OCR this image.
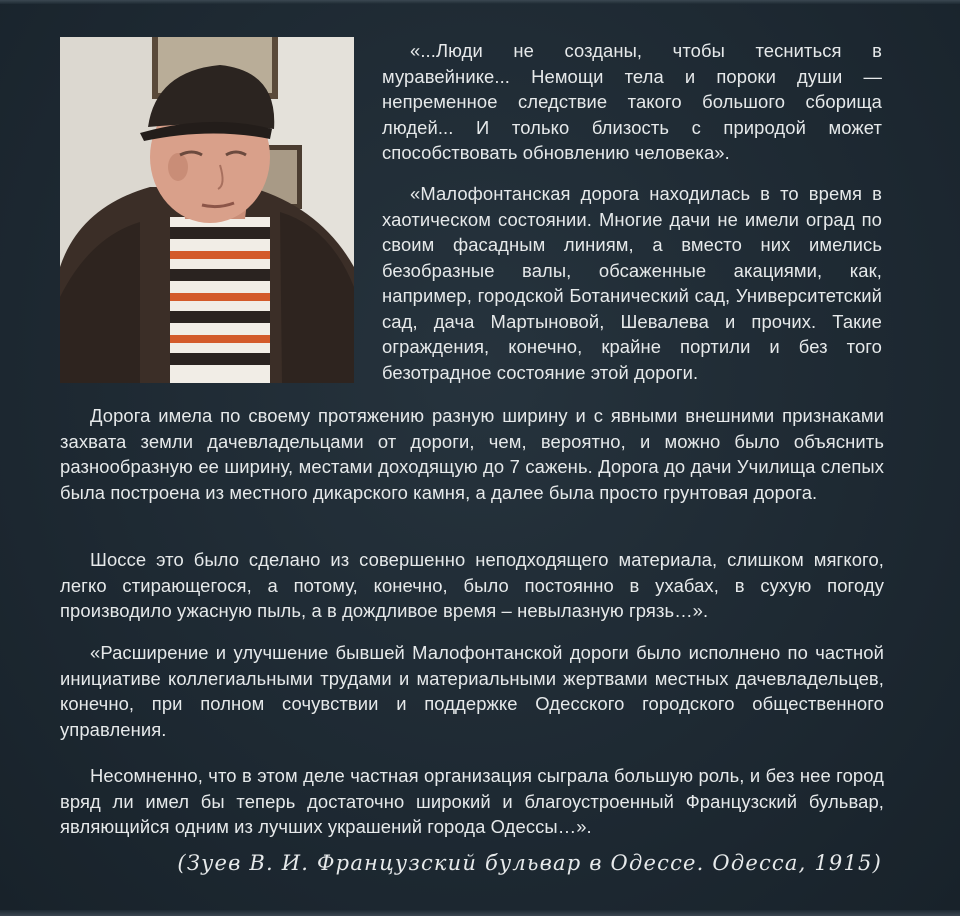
«...Люди не созданы, чтобы тесниться в муравейнике... Немощи тела и пороки души — непременное следствие такого большого сборища людей... И только близость с природой может способствовать обновлению человека».

«Малофонтанская дорога находилась в то время в хаотическом состоянии. Многие дачи не имели оград по своим фасадным линиям, а вместо них имелись безобразные валы, обсаженные акациями, как, например, городской Ботанический сад, Университетский сад, дача Мартыновой, Шевалева и прочих. Такие ограждения, конечно, крайне портили и без того безотрадное состояние этой дороги.

Дорога имела по своему протяжению разную ширину и с явными внешними признаками захвата земли дачевладельцами от дороги, чем, вероятно, и можно было объяснить разнообразную ее ширину, местами доходящую до 7 сажень. Дорога до дачи Училища слепых была построена из местного дикарского камня, а далее была просто грунтовая дорога.

Шоссе это было сделано из совершенно неподходящего материала, слишком мягкого, легко стирающегося, а потому, конечно, было постоянно в ухабах, в сухую погоду производило ужасную пыль, а в дождливое время – невылазную грязь…».

«Расширение и улучшение бывшей Малофонтанской дороги было исполнено по частной инициативе коллегиальными трудами и материальными жертвами местных дачевладельцев, конечно, при полном сочувствии и поддержке Одесского городского общественного управления.

Несомненно, что в этом деле частная организация сыграла большую роль, и без нее город вряд ли имел бы теперь достаточно широкий и благоустроенный Французский бульвар, являющийся одним из лучших украшений города Одессы…».

(Зуев В. И. Французский бульвар в Одессе. Одесса, 1915)
